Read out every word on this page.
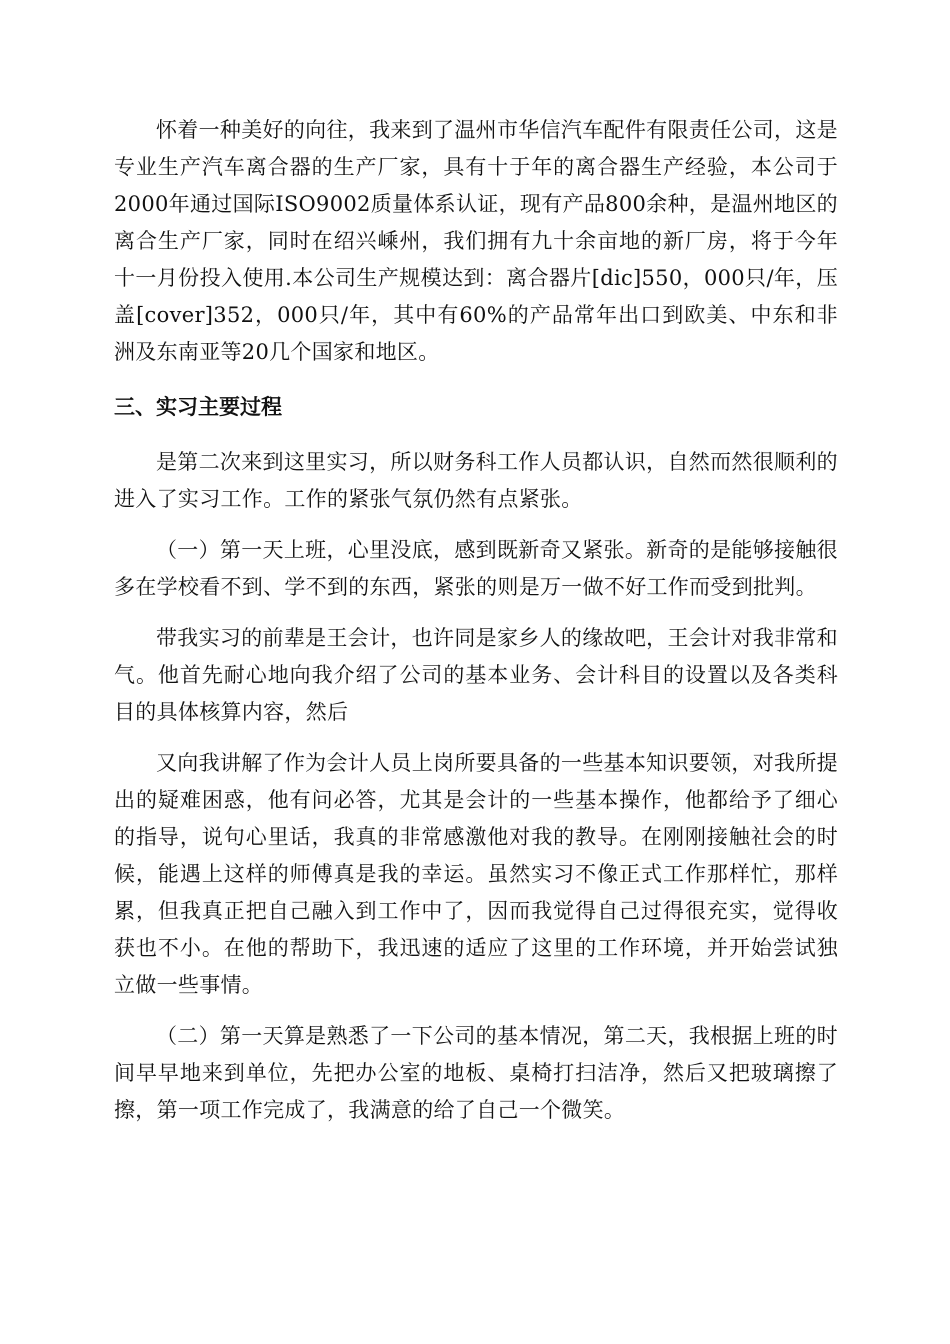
怀着一种美好的向往，我来到了温州市华信汽车配件有限责任公司，这是专业生产汽车离合器的生产厂家，具有十于年的离合器生产经验，本公司于2000年通过国际ISO9002质量体系认证，现有产品800余种，是温州地区的离合生产厂家，同时在绍兴嵊州，我们拥有九十余亩地的新厂房，将于今年十一月份投入使用.本公司生产规模达到：离合器片[dic]550，000只/年，压盖[cover]352，000只/年，其中有60%的产品常年出口到欧美、中东和非洲及东南亚等20几个国家和地区。

三、实习主要过程

是第二次来到这里实习，所以财务科工作人员都认识，自然而然很顺利的进入了实习工作。工作的紧张气氛仍然有点紧张。

（一）第一天上班，心里没底，感到既新奇又紧张。新奇的是能够接触很多在学校看不到、学不到的东西，紧张的则是万一做不好工作而受到批判。

带我实习的前辈是王会计，也许同是家乡人的缘故吧，王会计对我非常和气。他首先耐心地向我介绍了公司的基本业务、会计科目的设置以及各类科目的具体核算内容，然后

又向我讲解了作为会计人员上岗所要具备的一些基本知识要领，对我所提出的疑难困惑，他有问必答，尤其是会计的一些基本操作，他都给予了细心的指导，说句心里话，我真的非常感激他对我的教导。在刚刚接触社会的时候，能遇上这样的师傅真是我的幸运。虽然实习不像正式工作那样忙，那样累，但我真正把自己融入到工作中了，因而我觉得自己过得很充实，觉得收获也不小。在他的帮助下，我迅速的适应了这里的工作环境，并开始尝试独立做一些事情。

（二）第一天算是熟悉了一下公司的基本情况，第二天，我根据上班的时间早早地来到单位，先把办公室的地板、桌椅打扫洁净，然后又把玻璃擦了擦，第一项工作完成了，我满意的给了自己一个微笑。
